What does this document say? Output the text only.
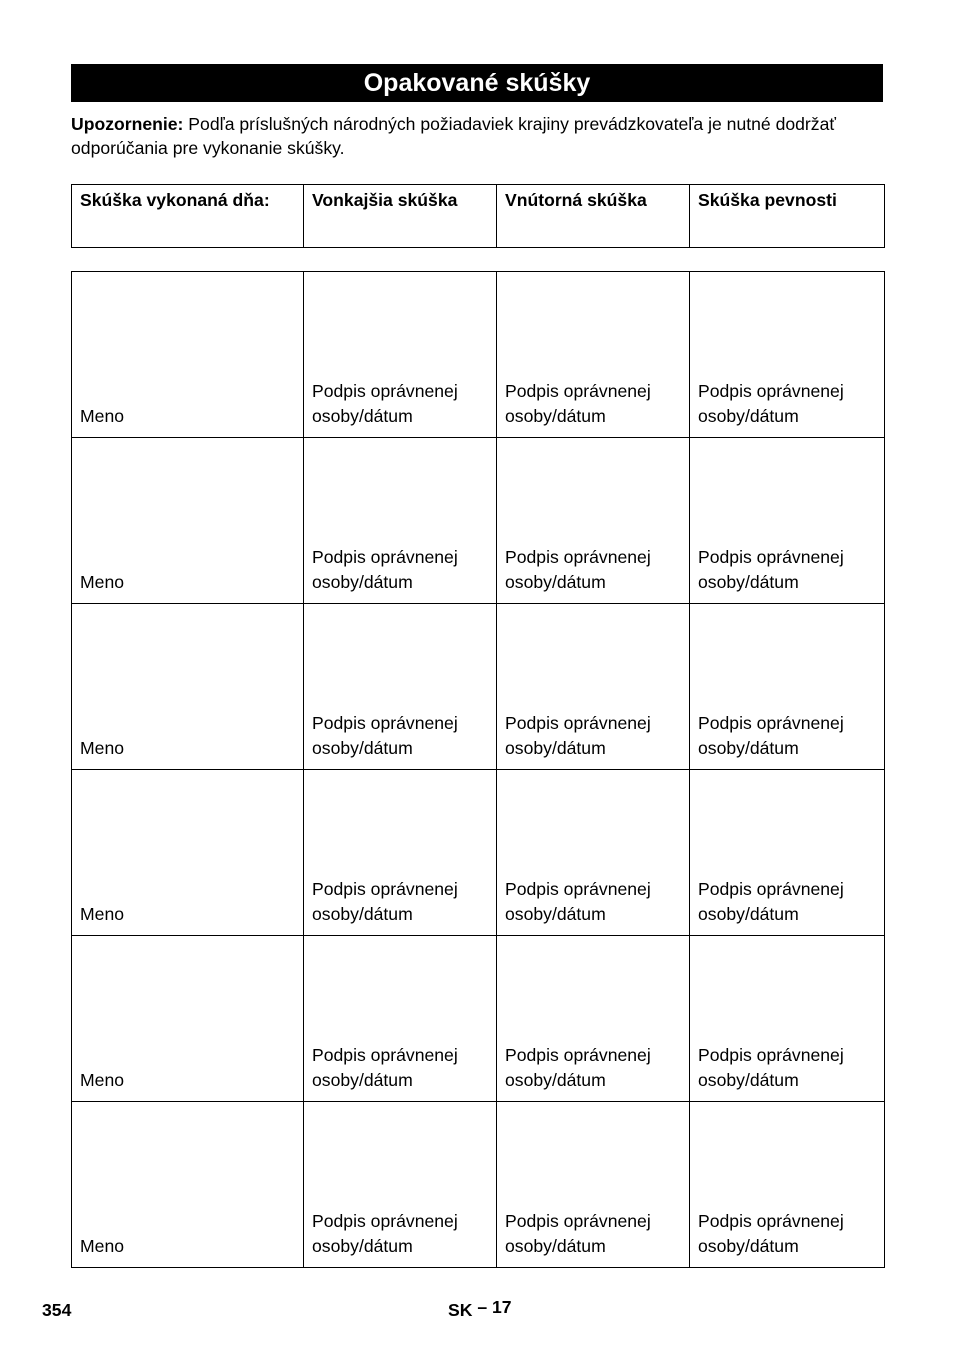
Opakované skúšky
Upozornenie: Podľa príslušných národných požiadaviek krajiny prevádzkovateľa je nutné dodržať odporúčania pre vykonanie skúšky.
Skúška vykonaná dňa:	Vonkajšia skúška	Vnútorná skúška	Skúška pevnosti
Meno	Podpis oprávnenej osoby/dátum	Podpis oprávnenej osoby/dátum	Podpis oprávnenej osoby/dátum
Meno	Podpis oprávnenej osoby/dátum	Podpis oprávnenej osoby/dátum	Podpis oprávnenej osoby/dátum
Meno	Podpis oprávnenej osoby/dátum	Podpis oprávnenej osoby/dátum	Podpis oprávnenej osoby/dátum
Meno	Podpis oprávnenej osoby/dátum	Podpis oprávnenej osoby/dátum	Podpis oprávnenej osoby/dátum
Meno	Podpis oprávnenej osoby/dátum	Podpis oprávnenej osoby/dátum	Podpis oprávnenej osoby/dátum
Meno	Podpis oprávnenej osoby/dátum	Podpis oprávnenej osoby/dátum	Podpis oprávnenej osoby/dátum
354	SK – 17
